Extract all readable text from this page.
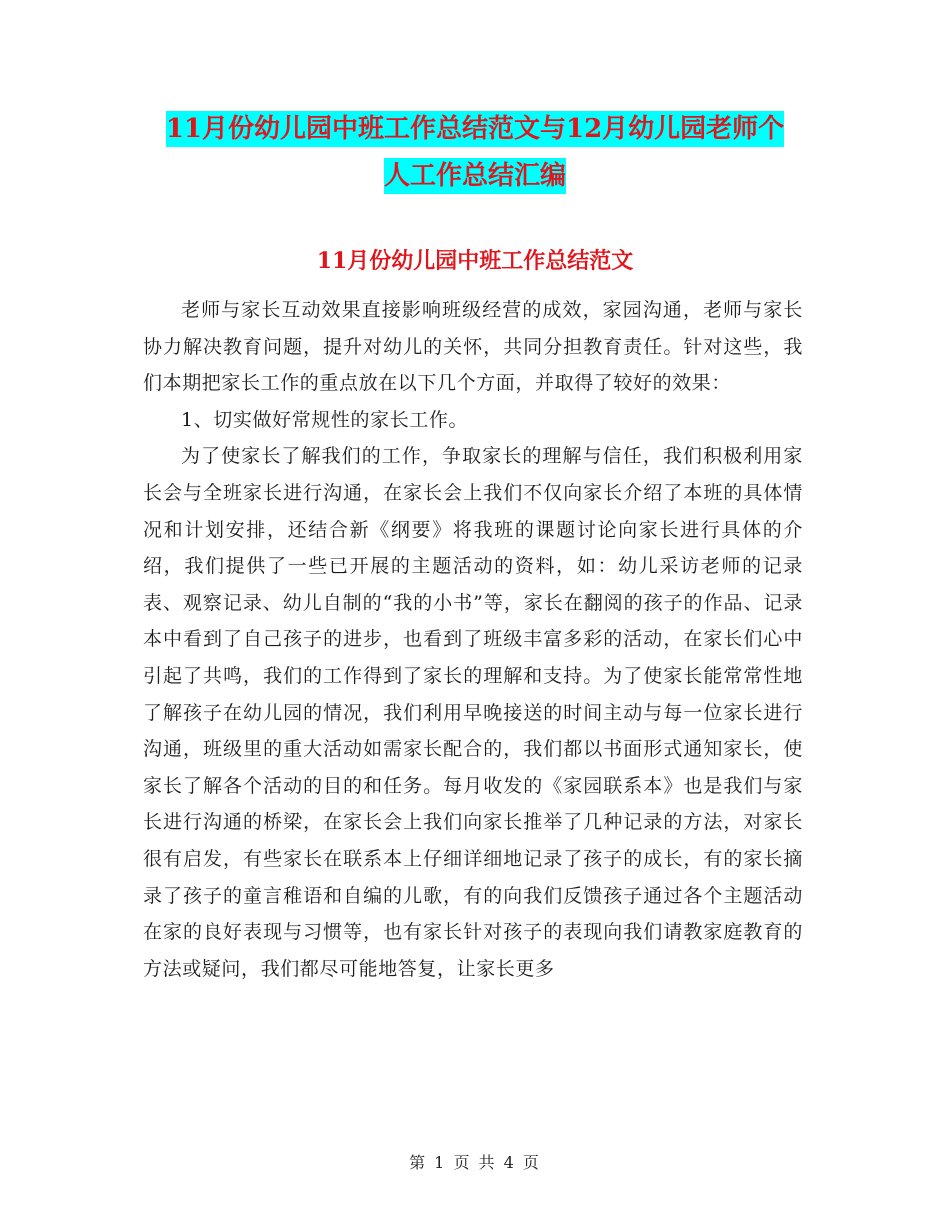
11月份幼儿园中班工作总结范文与12月幼儿园老师个
人工作总结汇编
11月份幼儿园中班工作总结范文

老师与家长互动效果直接影响班级经营的成效，家园沟通，老师与家长协力解决教育问题，提升对幼儿的关怀，共同分担教育责任。针对这些，我们本期把家长工作的重点放在以下几个方面，并取得了较好的效果：

1、切实做好常规性的家长工作。

为了使家长了解我们的工作，争取家长的理解与信任，我们积极利用家长会与全班家长进行沟通，在家长会上我们不仅向家长介绍了本班的具体情况和计划安排，还结合新《纲要》将我班的课题讨论向家长进行具体的介绍，我们提供了一些已开展的主题活动的资料，如：幼儿采访老师的记录表、观察记录、幼儿自制的“我的小书”等，家长在翻阅的孩子的作品、记录本中看到了自己孩子的进步，也看到了班级丰富多彩的活动，在家长们心中引起了共鸣，我们的工作得到了家长的理解和支持。为了使家长能常常性地了解孩子在幼儿园的情况，我们利用早晚接送的时间主动与每一位家长进行沟通，班级里的重大活动如需家长配合的，我们都以书面形式通知家长，使家长了解各个活动的目的和任务。每月收发的《家园联系本》也是我们与家长进行沟通的桥梁，在家长会上我们向家长推举了几种记录的方法，对家长很有启发，有些家长在联系本上仔细详细地记录了孩子的成长，有的家长摘录了孩子的童言稚语和自编的儿歌，有的向我们反馈孩子通过各个主题活动在家的良好表现与习惯等，也有家长针对孩子的表现向我们请教家庭教育的方法或疑问，我们都尽可能地答复，让家长更多

第 1 页 共 4 页
